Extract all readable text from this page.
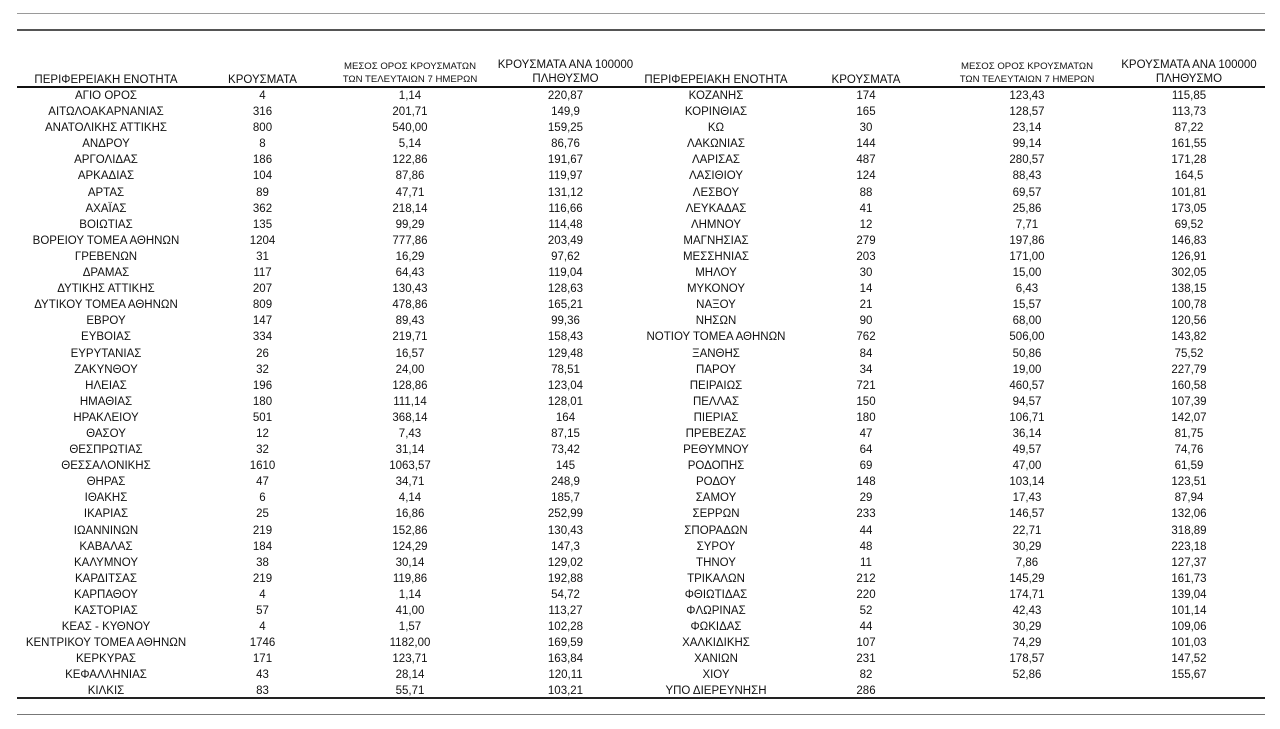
ΠΕΡΙΦΕΡΕΙΑΚΗ ΕΝΟΤΗΤΑ	ΚΡΟΥΣΜΑΤΑ	ΜΕΣΟΣ ΟΡΟΣ ΚΡΟΥΣΜΑΤΩΝ
ΤΩΝ ΤΕΛΕΥΤΑΙΩΝ 7 ΗΜΕΡΩΝ	ΚΡΟΥΣΜΑΤΑ ΑΝΑ 100000
ΠΛΗΘΥΣΜΟ
ΑΓΙΟ ΟΡΟΣ	4	1,14	220,87
ΑΙΤΩΛΟΑΚΑΡΝΑΝΙΑΣ	316	201,71	149,9
ΑΝΑΤΟΛΙΚΗΣ ΑΤΤΙΚΗΣ	800	540,00	159,25
ΑΝΔΡΟΥ	8	5,14	86,76
ΑΡΓΟΛΙΔΑΣ	186	122,86	191,67
ΑΡΚΑΔΙΑΣ	104	87,86	119,97
ΑΡΤΑΣ	89	47,71	131,12
ΑΧΑΪΑΣ	362	218,14	116,66
ΒΟΙΩΤΙΑΣ	135	99,29	114,48
ΒΟΡΕΙΟΥ ΤΟΜΕΑ ΑΘΗΝΩΝ	1204	777,86	203,49
ΓΡΕΒΕΝΩΝ	31	16,29	97,62
ΔΡΑΜΑΣ	117	64,43	119,04
ΔΥΤΙΚΗΣ ΑΤΤΙΚΗΣ	207	130,43	128,63
ΔΥΤΙΚΟΥ ΤΟΜΕΑ ΑΘΗΝΩΝ	809	478,86	165,21
ΕΒΡΟΥ	147	89,43	99,36
ΕΥΒΟΙΑΣ	334	219,71	158,43
ΕΥΡΥΤΑΝΙΑΣ	26	16,57	129,48
ΖΑΚΥΝΘΟΥ	32	24,00	78,51
ΗΛΕΙΑΣ	196	128,86	123,04
ΗΜΑΘΙΑΣ	180	111,14	128,01
ΗΡΑΚΛΕΙΟΥ	501	368,14	164
ΘΑΣΟΥ	12	7,43	87,15
ΘΕΣΠΡΩΤΙΑΣ	32	31,14	73,42
ΘΕΣΣΑΛΟΝΙΚΗΣ	1610	1063,57	145
ΘΗΡΑΣ	47	34,71	248,9
ΙΘΑΚΗΣ	6	4,14	185,7
ΙΚΑΡΙΑΣ	25	16,86	252,99
ΙΩΑΝΝΙΝΩΝ	219	152,86	130,43
ΚΑΒΑΛΑΣ	184	124,29	147,3
ΚΑΛΥΜΝΟΥ	38	30,14	129,02
ΚΑΡΔΙΤΣΑΣ	219	119,86	192,88
ΚΑΡΠΑΘΟΥ	4	1,14	54,72
ΚΑΣΤΟΡΙΑΣ	57	41,00	113,27
ΚΕΑΣ - ΚΥΘΝΟΥ	4	1,57	102,28
ΚΕΝΤΡΙΚΟΥ ΤΟΜΕΑ ΑΘΗΝΩΝ	1746	1182,00	169,59
ΚΕΡΚΥΡΑΣ	171	123,71	163,84
ΚΕΦΑΛΛΗΝΙΑΣ	43	28,14	120,11
ΚΙΛΚΙΣ	83	55,71	103,21
ΠΕΡΙΦΕΡΕΙΑΚΗ ΕΝΟΤΗΤΑ	ΚΡΟΥΣΜΑΤΑ	ΜΕΣΟΣ ΟΡΟΣ ΚΡΟΥΣΜΑΤΩΝ
ΤΩΝ ΤΕΛΕΥΤΑΙΩΝ 7 ΗΜΕΡΩΝ	ΚΡΟΥΣΜΑΤΑ ΑΝΑ 100000
ΠΛΗΘΥΣΜΟ
ΚΟΖΑΝΗΣ	174	123,43	115,85
ΚΟΡΙΝΘΙΑΣ	165	128,57	113,73
ΚΩ	30	23,14	87,22
ΛΑΚΩΝΙΑΣ	144	99,14	161,55
ΛΑΡΙΣΑΣ	487	280,57	171,28
ΛΑΣΙΘΙΟΥ	124	88,43	164,5
ΛΕΣΒΟΥ	88	69,57	101,81
ΛΕΥΚΑΔΑΣ	41	25,86	173,05
ΛΗΜΝΟΥ	12	7,71	69,52
ΜΑΓΝΗΣΙΑΣ	279	197,86	146,83
ΜΕΣΣΗΝΙΑΣ	203	171,00	126,91
ΜΗΛΟΥ	30	15,00	302,05
ΜΥΚΟΝΟΥ	14	6,43	138,15
ΝΑΞΟΥ	21	15,57	100,78
ΝΗΣΩΝ	90	68,00	120,56
ΝΟΤΙΟΥ ΤΟΜΕΑ ΑΘΗΝΩΝ	762	506,00	143,82
ΞΑΝΘΗΣ	84	50,86	75,52
ΠΑΡΟΥ	34	19,00	227,79
ΠΕΙΡΑΙΩΣ	721	460,57	160,58
ΠΕΛΛΑΣ	150	94,57	107,39
ΠΙΕΡΙΑΣ	180	106,71	142,07
ΠΡΕΒΕΖΑΣ	47	36,14	81,75
ΡΕΘΥΜΝΟΥ	64	49,57	74,76
ΡΟΔΟΠΗΣ	69	47,00	61,59
ΡΟΔΟΥ	148	103,14	123,51
ΣΑΜΟΥ	29	17,43	87,94
ΣΕΡΡΩΝ	233	146,57	132,06
ΣΠΟΡΑΔΩΝ	44	22,71	318,89
ΣΥΡΟΥ	48	30,29	223,18
ΤΗΝΟΥ	11	7,86	127,37
ΤΡΙΚΑΛΩΝ	212	145,29	161,73
ΦΘΙΩΤΙΔΑΣ	220	174,71	139,04
ΦΛΩΡΙΝΑΣ	52	42,43	101,14
ΦΩΚΙΔΑΣ	44	30,29	109,06
ΧΑΛΚΙΔΙΚΗΣ	107	74,29	101,03
ΧΑΝΙΩΝ	231	178,57	147,52
ΧΙΟΥ	82	52,86	155,67
ΥΠΟ ΔΙΕΡΕΥΝΗΣΗ	286		
